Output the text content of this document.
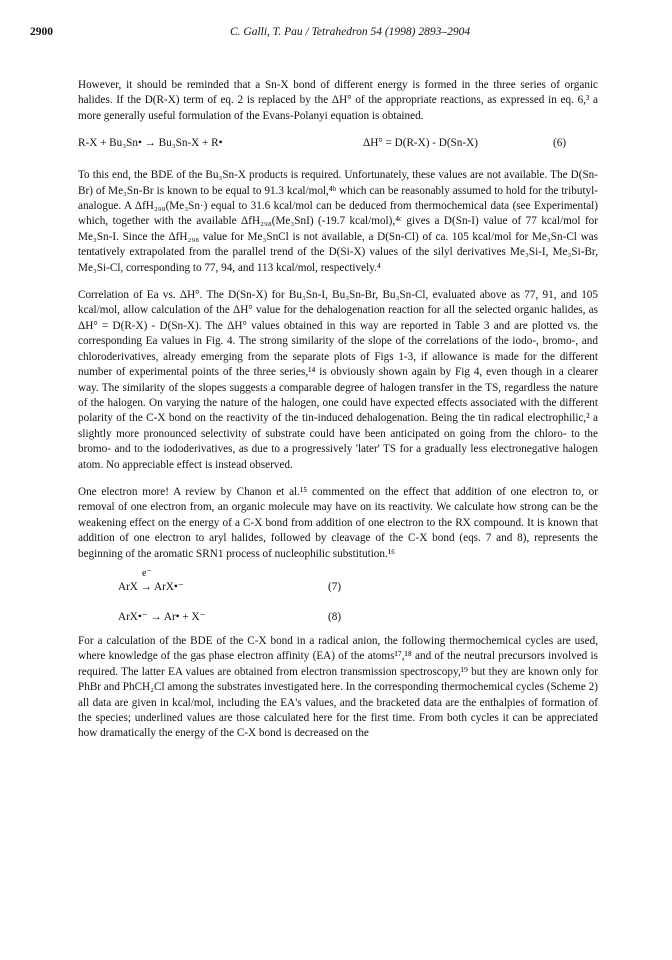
2900	C. Galli, T. Pau / Tetrahedron 54 (1998) 2893–2904

However, it should be reminded that a Sn-X bond of different energy is formed in the three series of organic halides. If the D(R-X) term of eq. 2 is replaced by the ΔH° of the appropriate reactions, as expressed in eq. 6,³ a more generally useful formulation of the Evans-Polanyi equation is obtained.

R-X + Bu₃Sn• → Bu₃Sn-X + R•	ΔH° = D(R-X) - D(Sn-X)	(6)

To this end, the BDE of the Bu₃Sn-X products is required. Unfortunately, these values are not available. The D(Sn-Br) of Me₃Sn-Br is known to be equal to 91.3 kcal/mol,⁴ᵇ which can be reasonably assumed to hold for the tributyl-analogue. A ΔfH₂₉₈(Me₃Sn·) equal to 31.6 kcal/mol can be deduced from thermochemical data (see Experimental) which, together with the available ΔfH₂₉₈(Me₃SnI) (-19.7 kcal/mol),⁴ᶜ gives a D(Sn-I) value of 77 kcal/mol for Me₃Sn-I. Since the ΔfH₂₉₈ value for Me₃SnCl is not available, a D(Sn-Cl) of ca. 105 kcal/mol for Me₃Sn-Cl was tentatively extrapolated from the parallel trend of the D(Si-X) values of the silyl derivatives Me₃Si-I, Me₃Si-Br, Me₃Si-Cl, corresponding to 77, 94, and 113 kcal/mol, respectively.⁴

Correlation of Ea vs. ΔH°. The D(Sn-X) for Bu₃Sn-I, Bu₃Sn-Br, Bu₃Sn-Cl, evaluated above as 77, 91, and 105 kcal/mol, allow calculation of the ΔH° value for the dehalogenation reaction for all the selected organic halides, as ΔH° = D(R-X) - D(Sn-X). The ΔH° values obtained in this way are reported in Table 3 and are plotted vs. the corresponding Ea values in Fig. 4. The strong similarity of the slope of the correlations of the iodo-, bromo-, and chloroderivatives, already emerging from the separate plots of Figs 1-3, if allowance is made for the different number of experimental points of the three series,¹⁴ is obviously shown again by Fig 4, even though in a clearer way. The similarity of the slopes suggests a comparable degree of halogen transfer in the TS, regardless the nature of the halogen. On varying the nature of the halogen, one could have expected effects associated with the different polarity of the C-X bond on the reactivity of the tin-induced dehalogenation. Being the tin radical electrophilic,² a slightly more pronounced selectivity of substrate could have been anticipated on going from the chloro- to the bromo- and to the iododerivatives, as due to a progressively 'later' TS for a gradually less electronegative halogen atom. No appreciable effect is instead observed.

One electron more! A review by Chanon et al.¹⁵ commented on the effect that addition of one electron to, or removal of one electron from, an organic molecule may have on its reactivity. We calculate how strong can be the weakening effect on the energy of a C-X bond from addition of one electron to the RX compound. It is known that addition of one electron to aryl halides, followed by cleavage of the C-X bond (eqs. 7 and 8), represents the beginning of the aromatic SRN1 process of nucleophilic substitution.¹⁶

e⁻
ArX → ArX•⁻	(7)
ArX•⁻ → Ar• + X⁻	(8)

For a calculation of the BDE of the C-X bond in a radical anion, the following thermochemical cycles are used, where knowledge of the gas phase electron affinity (EA) of the atoms¹⁷,¹⁸ and of the neutral precursors involved is required. The latter EA values are obtained from electron transmission spectroscopy,¹⁹ but they are known only for PhBr and PhCH₂Cl among the substrates investigated here. In the corresponding thermochemical cycles (Scheme 2) all data are given in kcal/mol, including the EA's values, and the bracketed data are the enthalpies of formation of the species; underlined values are those calculated here for the first time. From both cycles it can be appreciated how dramatically the energy of the C-X bond is decreased on the
